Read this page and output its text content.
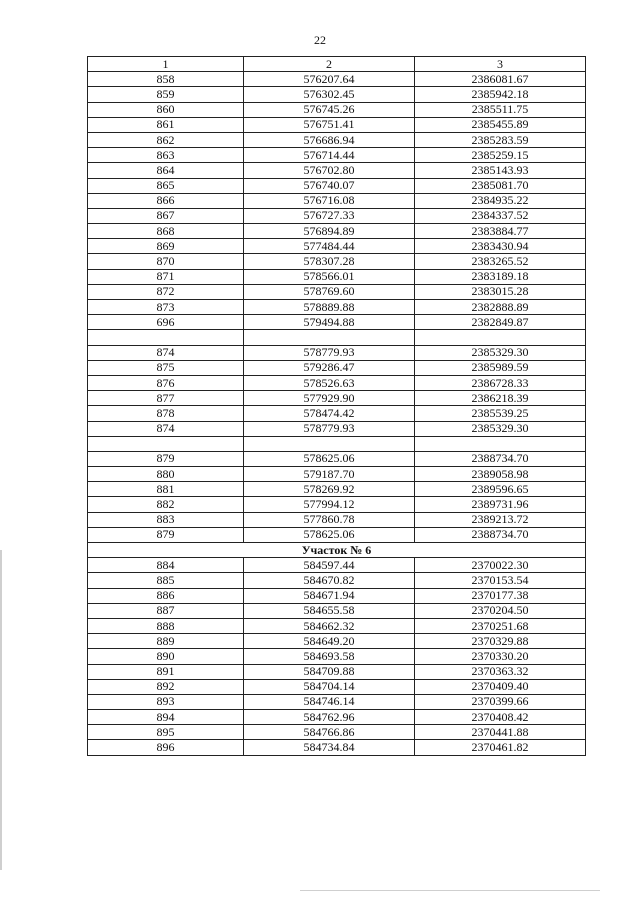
22
1	2	3
858	576207.64	2386081.67
859	576302.45	2385942.18
860	576745.26	2385511.75
861	576751.41	2385455.89
862	576686.94	2385283.59
863	576714.44	2385259.15
864	576702.80	2385143.93
865	576740.07	2385081.70
866	576716.08	2384935.22
867	576727.33	2384337.52
868	576894.89	2383884.77
869	577484.44	2383430.94
870	578307.28	2383265.52
871	578566.01	2383189.18
872	578769.60	2383015.28
873	578889.88	2382888.89
696	579494.88	2382849.87

874	578779.93	2385329.30
875	579286.47	2385989.59
876	578526.63	2386728.33
877	577929.90	2386218.39
878	578474.42	2385539.25
874	578779.93	2385329.30

879	578625.06	2388734.70
880	579187.70	2389058.98
881	578269.92	2389596.65
882	577994.12	2389731.96
883	577860.78	2389213.72
879	578625.06	2388734.70
Участок № 6		
884	584597.44	2370022.30
885	584670.82	2370153.54
886	584671.94	2370177.38
887	584655.58	2370204.50
888	584662.32	2370251.68
889	584649.20	2370329.88
890	584693.58	2370330.20
891	584709.88	2370363.32
892	584704.14	2370409.40
893	584746.14	2370399.66
894	584762.96	2370408.42
895	584766.86	2370441.88
896	584734.84	2370461.82
